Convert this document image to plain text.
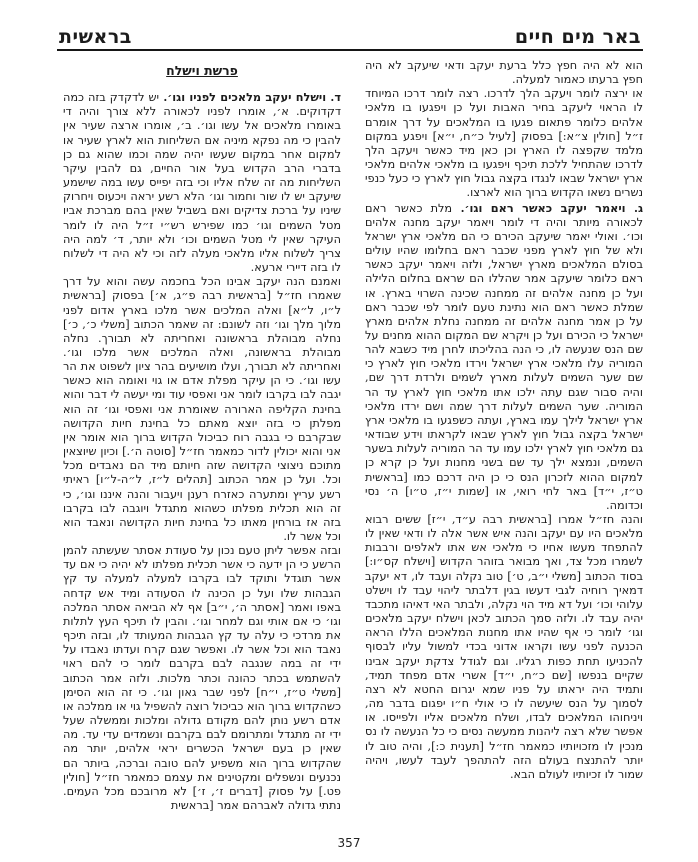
באר מים חיים
בראשית

הוא לא היה חפץ כלל ברעת יעקב ודאי שיעקב לא היה חפץ ברעתו כאמור למעלה.

או ירצה לומר ויעקב הלך לדרכו. רצה לומר דרכו המיוחד לו הראוי ליעקב בחיר האבות ועל כן ויפגעו בו מלאכי אלהים כלומר פתאום פגעו בו המלאכים על דרך אומרם ז״ל [חולין צ״א:] בפסוק [לעיל כ״ח, י״א] ויפגע במקום מלמד שקפצה לו הארץ וכן כאן מיד כאשר ויעקב הלך לדרכו שהתחיל ללכת תיכף ויפגעו בו מלאכי אלהים מלאכי ארץ ישראל שבאו לנגדו בקצה גבול חוץ לארץ כי כעל כנפי נשרים נשאו הקדוש ברוך הוא לארצו.

ג. ויאמר יעקב כאשר ראם וגו׳. מלת כאשר ראם לכאורה מיותר והיה די לומר ויאמר יעקב מחנה אלהים וכו׳. ואולי יאמר שיעקב הכירם כי הם מלאכי ארץ ישראל ולא של חוץ לארץ מפני שכבר ראם בחלומו שהיו עולים בסולם המלאכים מארץ ישראל, ולזה ויאמר יעקב כאשר ראם כלומר שיעקב אמר שהללו הם שראם בחלום הלילה ועל כן מחנה אלהים זה ממחנה שכינה השרוי בארץ. או שמלת כאשר ראם הוא נתינת טעם לומר לפי שכבר ראם על כן אמר מחנה אלהים זה ממחנה נחלת אלהים מארץ ישראל כי הכירם ועל כן ויקרא שם המקום ההוא מחנים על שם הנס שנעשה לו, כי הנה בהליכתו לחרן מיד כשבא להר המוריה עלו מלאכי ארץ ישראל וירדו מלאכי חוץ לארץ כי שם שער השמים לעלות מארץ לשמים ולרדת דרך שם, והיה סבור שגם עתה ילכו אתו מלאכי חוץ לארץ עד הר המוריה. שער השמים לעלות דרך שמה ושם ירדו מלאכי ארץ ישראל לילך עמו בארץ, ועתה כשפגעו בו מלאכי ארץ ישראל בקצה גבול חוץ לארץ שבאו לקראתו וידע שבודאי גם מלאכי חוץ לארץ ילכו עמו עד הר המוריה לעלות בשער השמים, ונמצא ילך עד שם בשני מחנות ועל כן קרא כן למקום ההוא לזכרון הנס כי כן היה דרכם כמו [בראשית ט״ז, י״ד] באר לחי רואי, או [שמות י״ז, ט״ו] ה׳ נסי וכדומה.

והנה חז״ל אמרו [בראשית רבה ע״ד, י״ז] ששים רבוא מלאכים היו עם יעקב והנה איש אשר אלה לו ודאי שאין לו להתפחד מעשו אחיו כי מלאכי אש אתו לאלפים ורבבות לשמרו מכל צד, ואך מבואר בזוהר הקדוש [וישלח קס״ו:] בסוד הכתוב [משלי י״ב, ט׳] טוב נקלה ועבד לו, דא יעקב דמאיך רוחיה לגבי דעשו בגין דלבתר ליהוי עבד לו וישלט עלוהי וכו׳ ועל דא מיד הוי נקלה, ולבתר האי דאיהו מתכבד יהיה עבד לו. ולזה סמך הכתוב לכאן וישלח יעקב מלאכים וגו׳ לומר כי אף שהיו אתו מחנות המלאכים הללו הראה הכנעה לפני עשו וקראו אדוני בכדי למשול עליו לבסוף להכניעו תחת כפות רגליו. וגם לגודל צדקת יעקב אבינו שקיים בנפשו [שם כ״ח, י״ד] אשרי אדם מפחד תמיד, ותמיד היה יראתו על פניו שמא יגרום החטא לא רצה לסמוך על הנס שיעשה לו כי אולי ח״ו יפגום בדבר מה, ויניחוהו המלאכים לבדו, ושלח מלאכים אליו ולפייסו. או אפשר שלא רצה ליהנות ממעשה נסים כי כל הנעשה לו נס מנכין לו מזכויותיו כמאמר חז״ל [תענית כ:], והיה טוב לו יותר להתנצח בעולם הזה להתהפך לעבד לעשו, ויהיה שמור לו זכיותיו לעולם הבא.

פרשת וישלח

ד. וישלח יעקב מלאכים לפניו וגו׳. יש לדקדק בזה כמה דקדוקים. א׳, אומרו לפניו לכאורה ללא צורך והיה די באומרו מלאכים אל עשו וגו׳. ב׳, אומרו ארצה שעיר אין להבין כי מה נפקא מיניה אם השליחות הוא לארץ שעיר או למקום אחר במקום שעשו יהיה שמה וכמו שהוא גם כן בדברי הרב הקדוש בעל אור החיים, גם להבין עיקר השליחות מה זה שלח אליו וכי בזה יפייס עשו במה שישמע שיעקב יש לו שור וחמור וגו׳ הלא רשע יראה ויכעוס ויחרוק שיניו על ברכת צדיקים ואם בשביל שאין בהם מברכת אביו מטל השמים וגו׳ כמו שפירש רש״י ז״ל היה לו לומר העיקר שאין לי מטל השמים וכו׳ ולא יותר, ד׳ למה היה צריך לשלוח אליו מלאכי מעלה לזה וכי לא היה די לשלוח לו בזה דיירי ארעא.

ואמנם הנה יעקב אבינו הכל בחכמה עשה והוא על דרך שאמרו חז״ל [בראשית רבה פ״ג, א׳] בפסוק [בראשית ל״ו, ל״א] ואלה המלכים אשר מלכו בארץ אדום לפני מלוך מלך וגו׳ וזה לשונם: זה שאמר הכתוב [משלי כ׳, כ׳] נחלה מבוהלת בראשונה ואחריתה לא תבורך. נחלה מבוהלת בראשונה, ואלה המלכים אשר מלכו וגו׳. ואחריתה לא תבורך, ועלו מושיעים בהר ציון לשפוט את הר עשו וגו׳. כי הן עיקר מפלת אדם או גוי ואומה הוא כאשר יגבה לבו בקרבו לומר אני ואפסי עוד ומי יעשה לי דבר והוא בחינת הקליפה הארורה שאומרת אני ואפסי וגו׳ זה הוא מפלתן כי בזה יוצא מאתם כל בחינת חיות הקדושה שבקרבם כי בגבה רוח כביכול הקדוש ברוך הוא אומר אין אני והוא יכולין לדור כמאמר חז״ל [סוטה ה׳.] וכיון שיוצאין מתוכם ניצוצי הקדושה שזה חיותם מיד הם נאבדים מכל וכל. ועל כן אמר הכתוב [תהלים ל״ז, ל״ה-ל״ו] ראיתי רשע עריץ ומתערה כאזרח רענן ויעבור והנה איננו וגו׳, כי זה הוא תכלית מפלתו כשהוא מתגדל ויוגבה לבו בקרבו בזה אז בורחין מאתו כל בחינת חיות הקדושה ונאבד הוא וכל אשר לו.

ובזה אפשר ליתן טעם נכון על סעודת אסתר שעשתה להמן הרשע כי הן ידעה כי אשר תכלית מפלתו לא יהיה כי אם עד אשר תוגדל ותוקד לבו בקרבו למעלה למעלה עד קץ הגבהות שלו ועל כן הכינה לו הסעודה ומיד אש קדחה באפו ואמר [אסתר ה׳, י״ב] אף לא הביאה אסתר המלכה וגו׳ כי אם אותי וגם למחר וגו׳. והבין לו תיכף העץ לתלות את מרדכי כי עלה עד קץ הגבהות המעותד לו, ובזה תיכף נאבד הוא וכל אשר לו. ואפשר שגם קרח ועדתו נאבדו על ידי זה במה שנגבה לבם בקרבם לומר כי להם ראוי להשתמש בכתר כהונה וכתר מלכות. ולזה אמר הכתוב [משלי ט״ז, י״ח] לפני שבר גאון וגו׳. כי זה הוא הסימן כשהקדוש ברוך הוא כביכול רוצה להשפיל גוי או ממלכה או אדם רשע נותן להם מקודם גדולה ומלכות וממשלה שעל ידי זה מתגדל ומתרומם לבם בקרבם ונשמדים עדי עד. מה שאין כן בעם ישראל הכשרים יראי אלהים, יותר מה שהקדוש ברוך הוא משפיע להם טובה וברכה, ביותר הם נכנעים ונשפלים ומקטינים את עצמם כמאמר חז״ל [חולין פט.] על פסוק [דברים ז׳, ז׳] לא מרובכם מכל העמים. נתתי גדולה לאברהם אמר [בראשית

357
